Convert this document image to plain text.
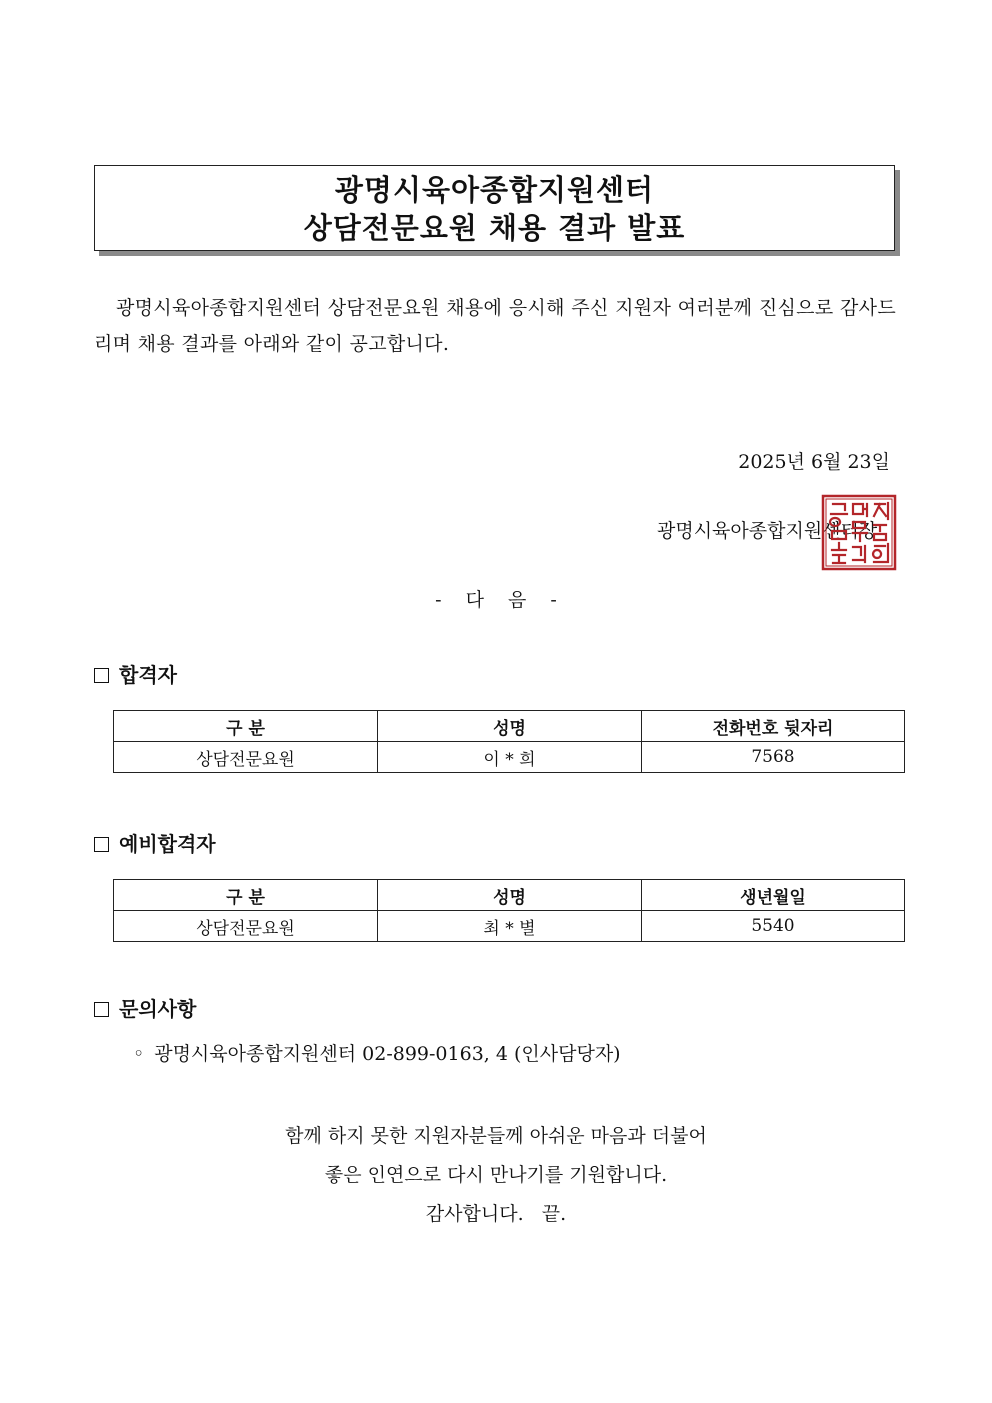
광명시육아종합지원센터
상담전문요원 채용 결과 발표
광명시육아종합지원센터 상담전문요원 채용에 응시해 주신 지원자 여러분께 진심으로 감사드리며 채용 결과를 아래와 같이 공고합니다.
2025년 6월 23일
광명시육아종합지원센터장
- 다 음 -
합격자
구 분	성명	전화번호 뒷자리
상담전문요원	이 * 희	7568
예비합격자
구 분	성명	생년월일
상담전문요원	최 * 별	5540
문의사항
◦ 광명시육아종합지원센터 02-899-0163, 4 (인사담당자)
함께 하지 못한 지원자분들께 아쉬운 마음과 더불어
좋은 인연으로 다시 만나기를 기원합니다.
감사합니다.   끝.
